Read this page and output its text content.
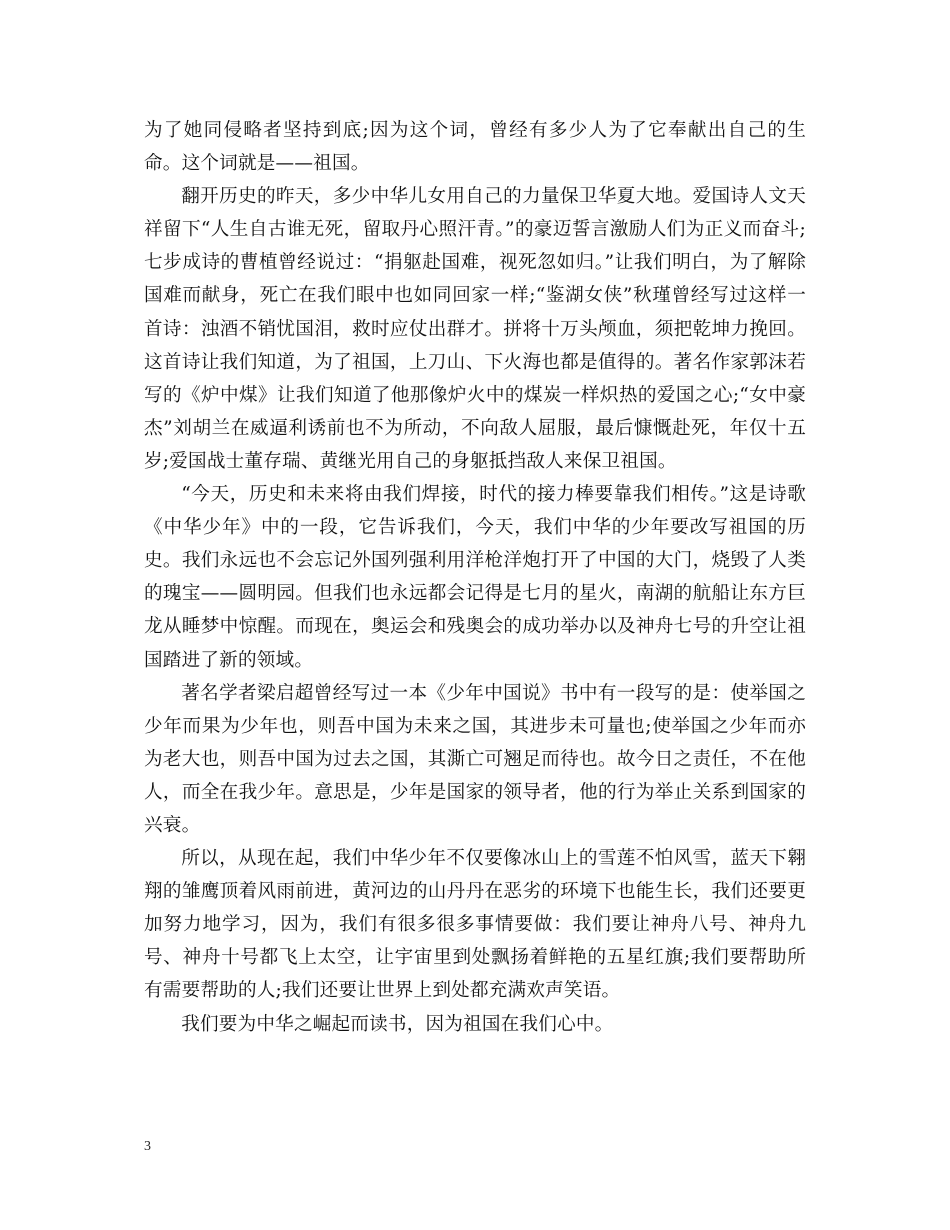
为了她同侵略者坚持到底;因为这个词，曾经有多少人为了它奉献出自己的生命。这个词就是——祖国。

翻开历史的昨天，多少中华儿女用自己的力量保卫华夏大地。爱国诗人文天祥留下“人生自古谁无死，留取丹心照汗青。”的豪迈誓言激励人们为正义而奋斗;七步成诗的曹植曾经说过：“捐躯赴国难，视死忽如归。”让我们明白，为了解除国难而献身，死亡在我们眼中也如同回家一样;“鉴湖女侠”秋瑾曾经写过这样一首诗：浊酒不销忧国泪，救时应仗出群才。拼将十万头颅血，须把乾坤力挽回。这首诗让我们知道，为了祖国，上刀山、下火海也都是值得的。著名作家郭沫若写的《炉中煤》让我们知道了他那像炉火中的煤炭一样炽热的爱国之心;“女中豪杰”刘胡兰在威逼利诱前也不为所动，不向敌人屈服，最后慷慨赴死，年仅十五岁;爱国战士董存瑞、黄继光用自己的身躯抵挡敌人来保卫祖国。

“今天，历史和未来将由我们焊接，时代的接力棒要靠我们相传。”这是诗歌《中华少年》中的一段，它告诉我们，今天，我们中华的少年要改写祖国的历史。我们永远也不会忘记外国列强利用洋枪洋炮打开了中国的大门，烧毁了人类的瑰宝——圆明园。但我们也永远都会记得是七月的星火，南湖的航船让东方巨龙从睡梦中惊醒。而现在，奥运会和残奥会的成功举办以及神舟七号的升空让祖国踏进了新的领域。

著名学者梁启超曾经写过一本《少年中国说》书中有一段写的是：使举国之少年而果为少年也，则吾中国为未来之国，其进步未可量也;使举国之少年而亦为老大也，则吾中国为过去之国，其澌亡可翘足而待也。故今日之责任，不在他人，而全在我少年。意思是，少年是国家的领导者，他的行为举止关系到国家的兴衰。

所以，从现在起，我们中华少年不仅要像冰山上的雪莲不怕风雪，蓝天下翱翔的雏鹰顶着风雨前进，黄河边的山丹丹在恶劣的环境下也能生长，我们还要更加努力地学习，因为，我们有很多很多事情要做：我们要让神舟八号、神舟九号、神舟十号都飞上太空，让宇宙里到处飘扬着鲜艳的五星红旗;我们要帮助所有需要帮助的人;我们还要让世界上到处都充满欢声笑语。

我们要为中华之崛起而读书，因为祖国在我们心中。

3
